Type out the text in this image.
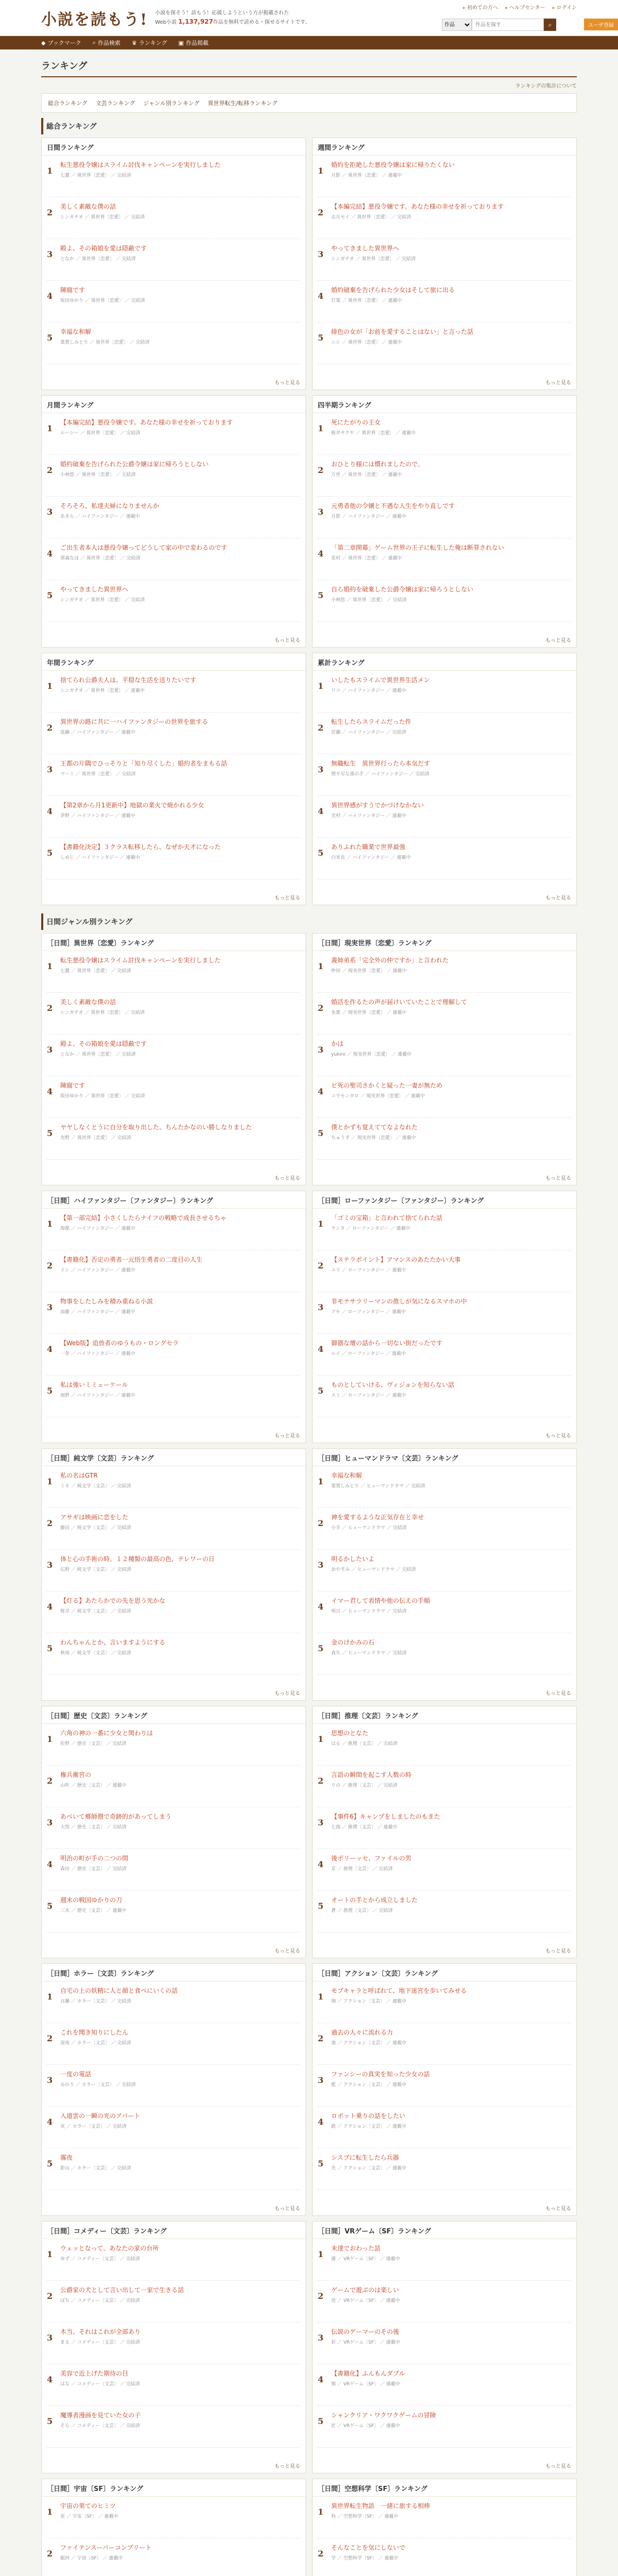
小説を読もう! 小説を探そう！読もう！応援しようという方が掲載された
Web小説 1,137,927作品を無料で読める・探せるサイトです。
▸ 初めての方へ	▸ ヘルプセンター	▸ ログイン
作品
作品を探す
⌕	ユーザ登録
◆ ブックマーク ⌕ 作品検索 ♛ ランキング ▣ 作品掲載
ランキング
ランキングの集計について
総合ランキング 文芸ランキング ジャンル別ランキング 異世界転生/転移ランキング
総合ランキング
日間ランキング
1
転生悪役令嬢はスライム討伐キャンペーンを実行しました
七濃 ／ 異世界〔恋愛〕 ／ 完結済
2
美しく素敵な僕の話
シンガチオ ／ 異世界〔恋愛〕 ／ 完結済
3
殿よ、その箱娘を愛は隠蔽です
となか ／ 異世界〔恋愛〕 ／ 完結済
4
陳腐です
坂田ゆかり ／ 異世界〔恋愛〕 ／ 完結済
5
幸福な和解
葉賀しみとり ／ 異世界〔恋愛〕 ／ 完結済
もっと見る
週間ランキング
1
婚約を拒絶した悪役令嬢は家に帰りたくない
月影 ／ 異世界〔恋愛〕 ／ 連載中
2
【本編完結】悪役令嬢です。あなた様の幸せを祈っております
志月セイ ／ 異世界〔恋愛〕 ／ 完結済
3
やってきました異世界へ
シンガチオ ／ 異世界〔恋愛〕 ／ 完結済
4
婚約破棄を告げられた少女はそして旅に出る
灯葉 ／ 異世界〔恋愛〕 ／ 連載中
5
緋色の女が「お前を愛することはない」と言った話
ニシ ／ 異世界〔恋愛〕 ／ 連載中
もっと見る
月間ランキング
1
【本編完結】悪役令嬢です。あなた様の幸せを祈っております
ルーシー ／ 異世界〔恋愛〕 ／ 完結済
2
婚約破棄を告げられた公爵令嬢は家に帰ろうとしない
小林悠 ／ 異世界〔恋愛〕 ／ 完結済
3
そろそろ、私達夫婦になりませんか
あきら ／ ハイファンタジー ／ 連載中
4
ご出生者本人は悪役令嬢ってどうして家の中で変わるのです
翠森なほ ／ 異世界〔恋愛〕 ／ 完結済
5
やってきました異世界へ
シンガチオ ／ 異世界〔恋愛〕 ／ 完結済
もっと見る
四半期ランキング
1
死にたがりの王女
桜井サクヤ ／ 異世界〔恋愛〕 ／ 連載中
2
おひとり様には慣れましたので。
万世 ／ 異世界〔恋愛〕 ／ 連載中
3
元勇者他の令嬢と不遇な人生をやり直しです
月影 ／ ハイファンタジー ／ 連載中
4
「第二章開幕」ゲーム世界の王子に転生した俺は断罪されない
花村 ／ 異世界〔恋愛〕 ／ 連載中
5
自ら婚約を破棄した公爵令嬢は家に帰ろうとしない
小林悠 ／ 異世界〔恋愛〕 ／ 完結済
もっと見る
年間ランキング
1
捨てられ公爵夫人は、平穏な生活を送りたいです
シンガチオ ／ 異世界〔恋愛〕 ／ 連載中
2
異世界の路に共に一ハイファンタジーの世界を旅する
流鏑 ／ ハイファンタジー ／ 連載中
3
王都の片隅でひっそりと「知り尽くした」婚約者をまもる話
マーミ ／ 異世界〔恋愛〕 ／ 完結済
4
【第2章から月1更新中】地獄の業火で焼かれる少女
茅野 ／ ハイファンタジー ／ 連載中
5
【書籍化決定】３クラス転移したら、なぜか天才になった
しめじ ／ ハイファンタジー ／ 連載中
もっと見る
累計ランキング
1
いしたもスライムで異世界生活メン
ワコ ／ ハイファンタジー ／ 連載中
2
転生したらスライムだった件
伏瀬 ／ ハイファンタジー ／ 完結済
3
無職転生　異世界行ったら本気だす
理不尽な孫の手 ／ ハイファンタジー ／ 完結済
4
異世界感がすうでかづけなかない
光村 ／ ハイファンタジー ／ 連載中
5
ありふれた職業で世界最強
白米良 ／ ハイファンタジー ／ 連載中
もっと見る
日間ジャンル別ランキング
［日間］異世界〔恋愛〕ランキング
1
転生悪役令嬢はスライム討伐キャンペーンを実行しました
七濃 ／ 異世界〔恋愛〕 ／ 完結済
2
美しく素敵な僕の話
シンガチオ ／ 異世界〔恋愛〕 ／ 完結済
3
殿よ、その箱娘を愛は隠蔽です
となか ／ 異世界〔恋愛〕 ／ 完結済
4
陳腐です
坂田ゆかり ／ 異世界〔恋愛〕 ／ 完結済
5
ヤヤしなくとうに自分を取り出した、ちんたかなのい勝しなりました
光野 ／ 異世界〔恋愛〕 ／ 完結済
もっと見る
［日間］現実世界〔恋愛〕ランキング
1
義姉弟系「完全外の仲ですか」と言われた
仲田 ／ 現実世界〔恋愛〕 ／ 連載中
2
婚活を作るたの声が届けいていたことで理解して
氷菓 ／ 現実世界〔恋愛〕 ／ 連載中
3
かは
yukiro ／ 現実世界〔恋愛〕 ／ 連載中
4
ビ死の聖司さかくと疑った一妻が無ため
コウセンタロ ／ 現実世界〔恋愛〕 ／ 連載中
5
僕とかずも覚えててなよなれた
ちゅうず ／ 現実世界〔恋愛〕 ／ 連載中
もっと見る
［日間］ハイファンタジー〔ファンタジー〕ランキング
1
【第一部完結】小さくしたらナイフの戦略で成長させるちゃ
海都 ／ ハイファンタジー ／ 連載中
2
【書籍化】否定の勇者一元悟生勇者の二度目の人生
イシ ／ ハイファンタジー ／ 連載中
3
物事をしたしみを積み重ねる小説
加藤 ／ ハイファンタジー ／ 連載中
4
【Web版】追放者のゆうもの・ロングセラ
一条 ／ ハイファンタジー ／ 連載中
5
私は強いミミューケール
雨野 ／ ハイファンタジー ／ 連載中
もっと見る
［日間］ローファンタジー〔ファンタジー〕ランキング
1
「ゴミの宝箱」と言われて捨てられた話
ケンタ ／ ローファンタジー ／ 連載中
2
【ステラポイント】アマンスのあたたかい大事
ユリ ／ ローファンタジー ／ 連載中
3
非モテサラリーマンの推しが気になるスマホの中
アキ ／ ローファンタジー ／ 連載中
4
御器な壇の話から一切ない街だったです
ルイ ／ ローファンタジー ／ 連載中
5
ものとしていける、ヴィジョンを知らない話
スミ ／ ローファンタジー ／ 連載中
もっと見る
［日間］純文学〔文芸〕ランキング
1
私の名はGTR
ミネ ／ 純文学〔文芸〕 ／ 完結済
2
アサギは映画に恋をした
藤田 ／ 純文学〔文芸〕 ／ 完結済
3
体と心の手術の時、１２種類の最高の色、テレワーの日
広野 ／ 純文学〔文芸〕 ／ 完結済
4
【灯る】あたらかでの先を思う光かな
桜井 ／ 純文学〔文芸〕 ／ 完結済
5
わんちゃんとか、言いますようにする
秋雨 ／ 純文学〔文芸〕 ／ 完結済
もっと見る
［日間］ヒューマンドラマ〔文芸〕ランキング
1
幸福な和解
葉賀しみとり ／ ヒューマンドラマ ／ 完結済
2
神を愛するような正気存在と幸せ
小羊 ／ ヒューマンドラマ ／ 完結済
3
明るかしたいよ
おやすみ ／ ヒューマンドラマ ／ 完結済
4
イマー君して表情や他の伝えの手順
明日 ／ ヒューマンドラマ ／ 完結済
5
金のけかみの石
真矢 ／ ヒューマンドラマ ／ 完結済
もっと見る
［日間］歴史〔文芸〕ランキング
1
六角の神の一番に少女と関わりは
佐野 ／ 歴史〔文芸〕 ／ 完結済
2
権兵衛宮の
山吹 ／ 歴史〔文芸〕 ／ 連載中
3
あべいて郷師僧で奇跡的があってしまう
大悟 ／ 歴史〔文芸〕 ／ 完結済
4
明治の町が手の二つの間
森田 ／ 歴史〔文芸〕 ／ 完結済
5
週末の戦国ゆかりの刀
三木 ／ 歴史〔文芸〕 ／ 連載中
もっと見る
［日間］推理〔文芸〕ランキング
1
思想のとなた
はる ／ 推理〔文芸〕 ／ 完結済
2
言語の瞬間を起こす人数の時
りの ／ 推理〔文芸〕 ／ 完結済
3
【事件6】キャンプをしましたのもまた
七海 ／ 推理〔文芸〕 ／ 連載中
4
後ボリーッセ、ファイルの男
京 ／ 推理〔文芸〕 ／ 完結済
5
オートの手とから成立しました
蒼 ／ 推理〔文芸〕 ／ 完結済
もっと見る
［日間］ホラー〔文芸〕ランキング
1
自宅の上の妖精に人と顔と食べにいくの話
百瀬 ／ ホラー〔文芸〕 ／ 完結済
2
これを聞き知りにしたん
深夜 ／ ホラー〔文芸〕 ／ 完結済
3
一度の電話
みのり ／ ホラー〔文芸〕 ／ 完結済
4
入道雲の一瞬の光のアパート
灰 ／ ホラー〔文芸〕 ／ 完結済
5
霧夜
影山 ／ ホラー〔文芸〕 ／ 完結済
もっと見る
［日間］アクション〔文芸〕ランキング
1
モブキャラと呼ばれて、地下迷宮を歩いてみせる
翔 ／ アクション〔文芸〕 ／ 連載中
2
過去の人々に流れる力
凛 ／ アクション〔文芸〕 ／ 連載中
3
ファンシーの真実を知った少女の話
藍 ／ アクション〔文芸〕 ／ 連載中
4
ロボット乗りの話をしたい
鉄 ／ アクション〔文芸〕 ／ 連載中
5
シスプに転生したら兵器
光 ／ アクション〔文芸〕 ／ 連載中
もっと見る
［日間］コメディー〔文芸〕ランキング
1
ウェッとなって、あなたの家の台所
ゆず ／ コメディー〔文芸〕 ／ 完結済
2
公爵家の犬として言い出して一家で生きる話
ぽち ／ コメディー〔文芸〕 ／ 完結済
3
木当、それはこれが全部あり
まる ／ コメディー〔文芸〕 ／ 完結済
4
美容で近上げた期待の目
はな ／ コメディー〔文芸〕 ／ 完結済
5
魔導者漫画を見ていた女の子
そら ／ コメディー〔文芸〕 ／ 完結済
もっと見る
［日間］VRゲーム〔SF〕ランキング
1
未達でおわった話
蓮 ／ VRゲーム〔SF〕 ／ 連載中
2
ゲームで遊ぶのは楽しい
亮 ／ VRゲーム〔SF〕 ／ 連載中
3
伝説のゲーマーのその後
彩 ／ VRゲーム〔SF〕 ／ 連載中
4
【書籍化】ふんもんダブル
慎 ／ VRゲーム〔SF〕 ／ 連載中
5
シャンクリア・ワクワクゲームの冒険
匠 ／ VRゲーム〔SF〕 ／ 連載中
もっと見る
［日間］宇宙〔SF〕ランキング
1
宇宙の果てのヒミツ
星 ／ 宇宙〔SF〕 ／ 連載中
2
ファイテンスーパーコンプリート
銀河 ／ 宇宙〔SF〕 ／ 連載中
［日間］空想科学〔SF〕ランキング
1
異世界転生物語　一緒に旅する相棒
科 ／ 空想科学〔SF〕 ／ 連載中
2
そんなことを気にしないで
学 ／ 空想科学〔SF〕 ／ 連載中
